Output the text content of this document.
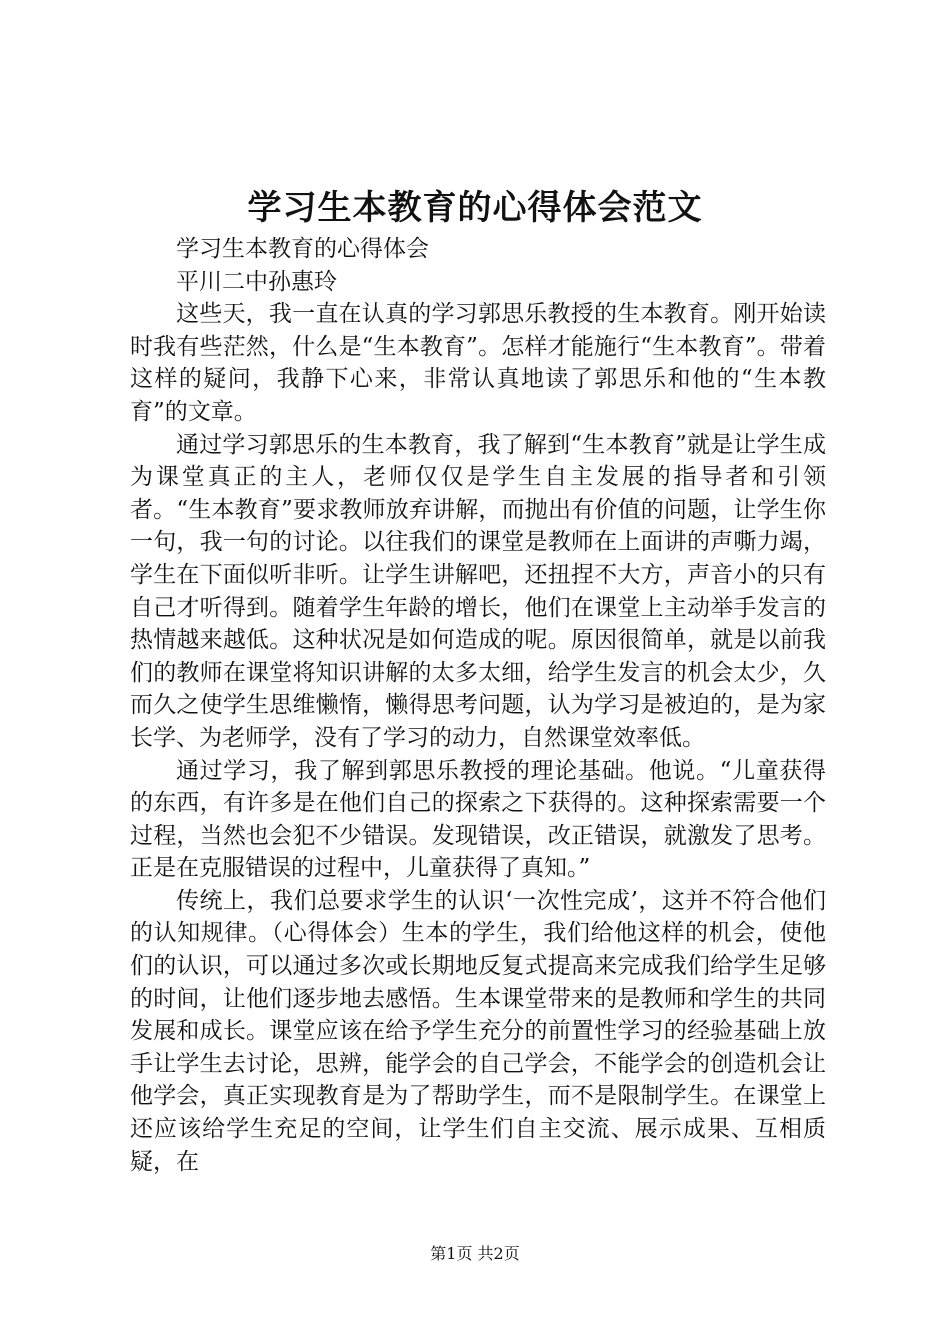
学习生本教育的心得体会范文

学习生本教育的心得体会

平川二中孙惠玲

这些天，我一直在认真的学习郭思乐教授的生本教育。刚开始读时我有些茫然，什么是“生本教育”。怎样才能施行“生本教育”。带着这样的疑问，我静下心来，非常认真地读了郭思乐和他的“生本教育”的文章。

通过学习郭思乐的生本教育，我了解到“生本教育”就是让学生成为课堂真正的主人，老师仅仅是学生自主发展的指导者和引领者。“生本教育”要求教师放弃讲解，而抛出有价值的问题，让学生你一句，我一句的讨论。以往我们的课堂是教师在上面讲的声嘶力竭，学生在下面似听非听。让学生讲解吧，还扭捏不大方，声音小的只有自己才听得到。随着学生年龄的增长，他们在课堂上主动举手发言的热情越来越低。这种状况是如何造成的呢。原因很简单，就是以前我们的教师在课堂将知识讲解的太多太细，给学生发言的机会太少，久而久之使学生思维懒惰，懒得思考问题，认为学习是被迫的，是为家长学、为老师学，没有了学习的动力，自然课堂效率低。

通过学习，我了解到郭思乐教授的理论基础。他说。“儿童获得的东西，有许多是在他们自己的探索之下获得的。这种探索需要一个过程，当然也会犯不少错误。发现错误，改正错误，就激发了思考。正是在克服错误的过程中，儿童获得了真知。”

传统上，我们总要求学生的认识‘一次性完成’，这并不符合他们的认知规律。（心得体会）生本的学生，我们给他这样的机会，使他们的认识，可以通过多次或长期地反复式提高来完成我们给学生足够的时间，让他们逐步地去感悟。生本课堂带来的是教师和学生的共同发展和成长。课堂应该在给予学生充分的前置性学习的经验基础上放手让学生去讨论，思辨，能学会的自己学会，不能学会的创造机会让他学会，真正实现教育是为了帮助学生，而不是限制学生。在课堂上还应该给学生充足的空间，让学生们自主交流、展示成果、互相质疑，在

第1页 共2页
